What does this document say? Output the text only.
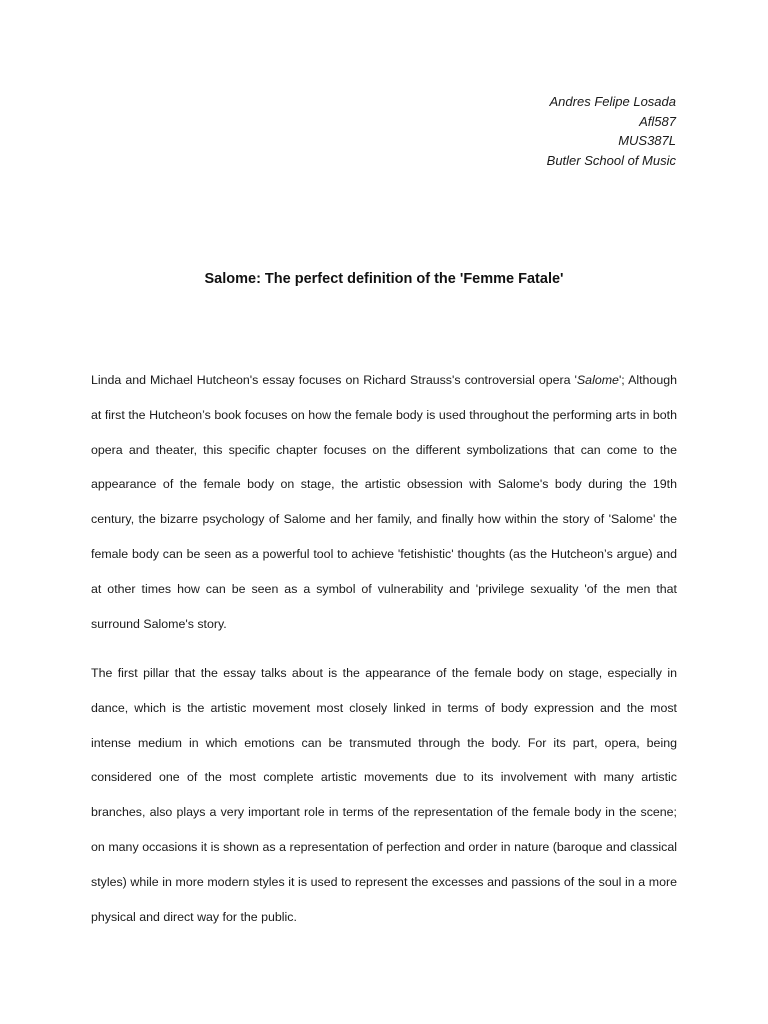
Andres Felipe Losada
Afl587
MUS387L
Butler School of Music
Salome: The perfect definition of the 'Femme Fatale'
Linda and Michael Hutcheon's essay focuses on Richard Strauss's controversial opera 'Salome'; Although at first the Hutcheon’s book focuses on how the female body is used throughout the performing arts in both opera and theater, this specific chapter focuses on the different symbolizations that can come to the appearance of the female body on stage, the artistic obsession with Salome's body during the 19th century, the bizarre psychology of Salome and her family, and finally how within the story of 'Salome' the female body can be seen as a powerful tool to achieve 'fetishistic' thoughts (as the Hutcheon’s argue) and at other times how can be seen as a symbol of vulnerability and 'privilege sexuality 'of the men that surround Salome's story.
The first pillar that the essay talks about is the appearance of the female body on stage, especially in dance, which is the artistic movement most closely linked in terms of body expression and the most intense medium in which emotions can be transmuted through the body. For its part, opera, being considered one of the most complete artistic movements due to its involvement with many artistic branches, also plays a very important role in terms of the representation of the female body in the scene; on many occasions it is shown as a representation of perfection and order in nature (baroque and classical styles) while in more modern styles it is used to represent the excesses and passions of the soul in a more physical and direct way for the public.
